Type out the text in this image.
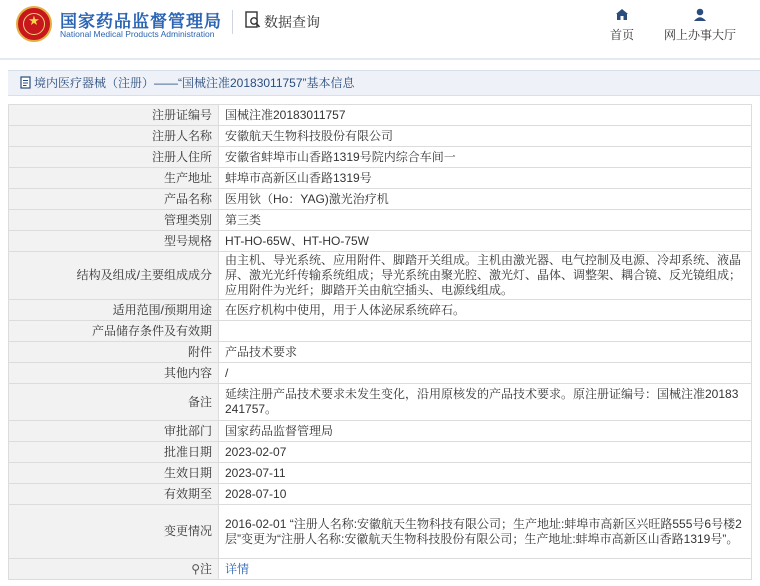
★	国家药品监督管理局
National Medical Products Administration
数据查询
首页	网上办事大厅
境内医疗器械（注册）——“国械注准20183011757”基本信息
注册证编号	国械注准20183011757
注册人名称	安徽航天生物科技股份有限公司
注册人住所	安徽省蚌埠市山香路1319号院内综合车间一
生产地址	蚌埠市高新区山香路1319号
产品名称	医用钬（Ho：YAG)激光治疗机
管理类别	第三类
型号规格	HT-HO-65W、HT-HO-75W
结构及组成/主要组成成分	由主机、导光系统、应用附件、脚踏开关组成。主机由激光器、电气控制及电源、冷却系统、液晶屏、激光光纤传输系统组成；导光系统由聚光腔、激光灯、晶体、调整架、耦合镜、反光镜组成；应用附件为光纤；脚踏开关由航空插头、电源线组成。
适用范围/预期用途	在医疗机构中使用，用于人体泌尿系统碎石。
产品储存条件及有效期	
附件	产品技术要求
其他内容	/
备注	延续注册产品技术要求未发生变化，沿用原核发的产品技术要求。原注册证编号：国械注准20183241757。
审批部门	国家药品监督管理局
批准日期	2023-02-07
生效日期	2023-07-11
有效期至	2028-07-10
变更情况	2016-02-01 “注册人名称:安徽航天生物科技有限公司；生产地址:蚌埠市高新区兴旺路555号6号楼2层”变更为“注册人名称:安徽航天生物科技股份有限公司；生产地址:蚌埠市高新区山香路1319号”。
⚲注	详情
